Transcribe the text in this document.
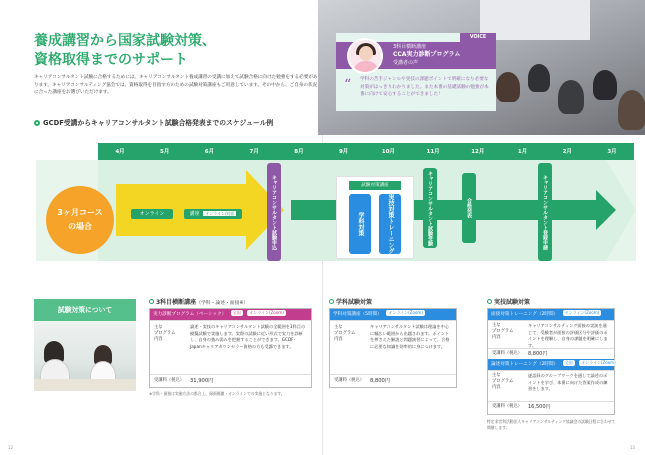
養成講習から国家試験対策、
資格取得までのサポート
キャリアコンサルタント試験に合格するためには、キャリアコンサルタント養成講習の受講に加えて試験合格に向けた勉強をする必要があります。キャリアコンサルティング協会では、資格取得を目指す方のための試験対策講座もご用意しています。その中から、ご自身の状況に合った講座をお選びいただけます。
3科目横断講座
CCA実力診断プログラム
受講者の声
VOICE
“ 学科の苦手ジャンルや実技の課題ポイントで明確になり必要な対策がはっきりわかりました。また本番の基礎試験の勉強が本番に向けて安心することができました！
GCDF受講からキャリアコンサルタント試験合格発表までのスケジュール例
4月	5月	6月	7月	8月	9月	10月	11月	12月	1月	2月	3月
3ヶ月コース
の場合
オンライン	講座 オンライン/対面	キャリアコンサルタント試験申込	試験対策講座
学科対策	実技対策トレーニング	キャリアコンサルタント試験受験	合格発表	キャリアコンサルタント登録申請
試験対策について
3科目横断講座（学科・論述・面接※）
実力診断プログラム（ベーシック） 全国 オンライン(Zoom)
主な
プログラム
内容
論述・実技のキャリアコンサルタント試験の全範囲を3科目の模擬試験で実施します。実際の試験に近い形式で実力を診断し、自身の強み弱みを把握することができます。GCDF-Japanキャリアカウンセラー資格の方も受講できます。
受講料（税込）	31,900円
※学科・面接は実施方法の都合上、録画視聴・オンラインでの実施となります。
学科試験対策
学科対策講座（5時間） オンライン(Zoom)
主な
プログラム
内容
キャリアコンサルタント試験は理論を中心に幅広い範囲から出題されます。ポイントを押さえた解説と問題演習によって、合格に必要な知識を効率的に身につけます。
受講料（税込）	8,800円
実技試験対策
面接対策トレーニング（2時間） オンライン(Zoom)
主な
プログラム
内容
キャリアコンサルティング面接の実演を通じて、受験者が面接の評価区分や評価のポイントを理解し、自身の課題を明確にします。
受講料（税込）	8,800円
論述対策トレーニング（2時間） 全国 オンライン(Zoom)
主な
プログラム
内容
逐語録のグループワークを通して論述のポイントを学び、本番に向けた答案作成の練習をします。
受講料（税込）	16,500円
特定非営利活動法人キャリアコンサルティング協議会の試験日程に合わせて開催します。
12	13
